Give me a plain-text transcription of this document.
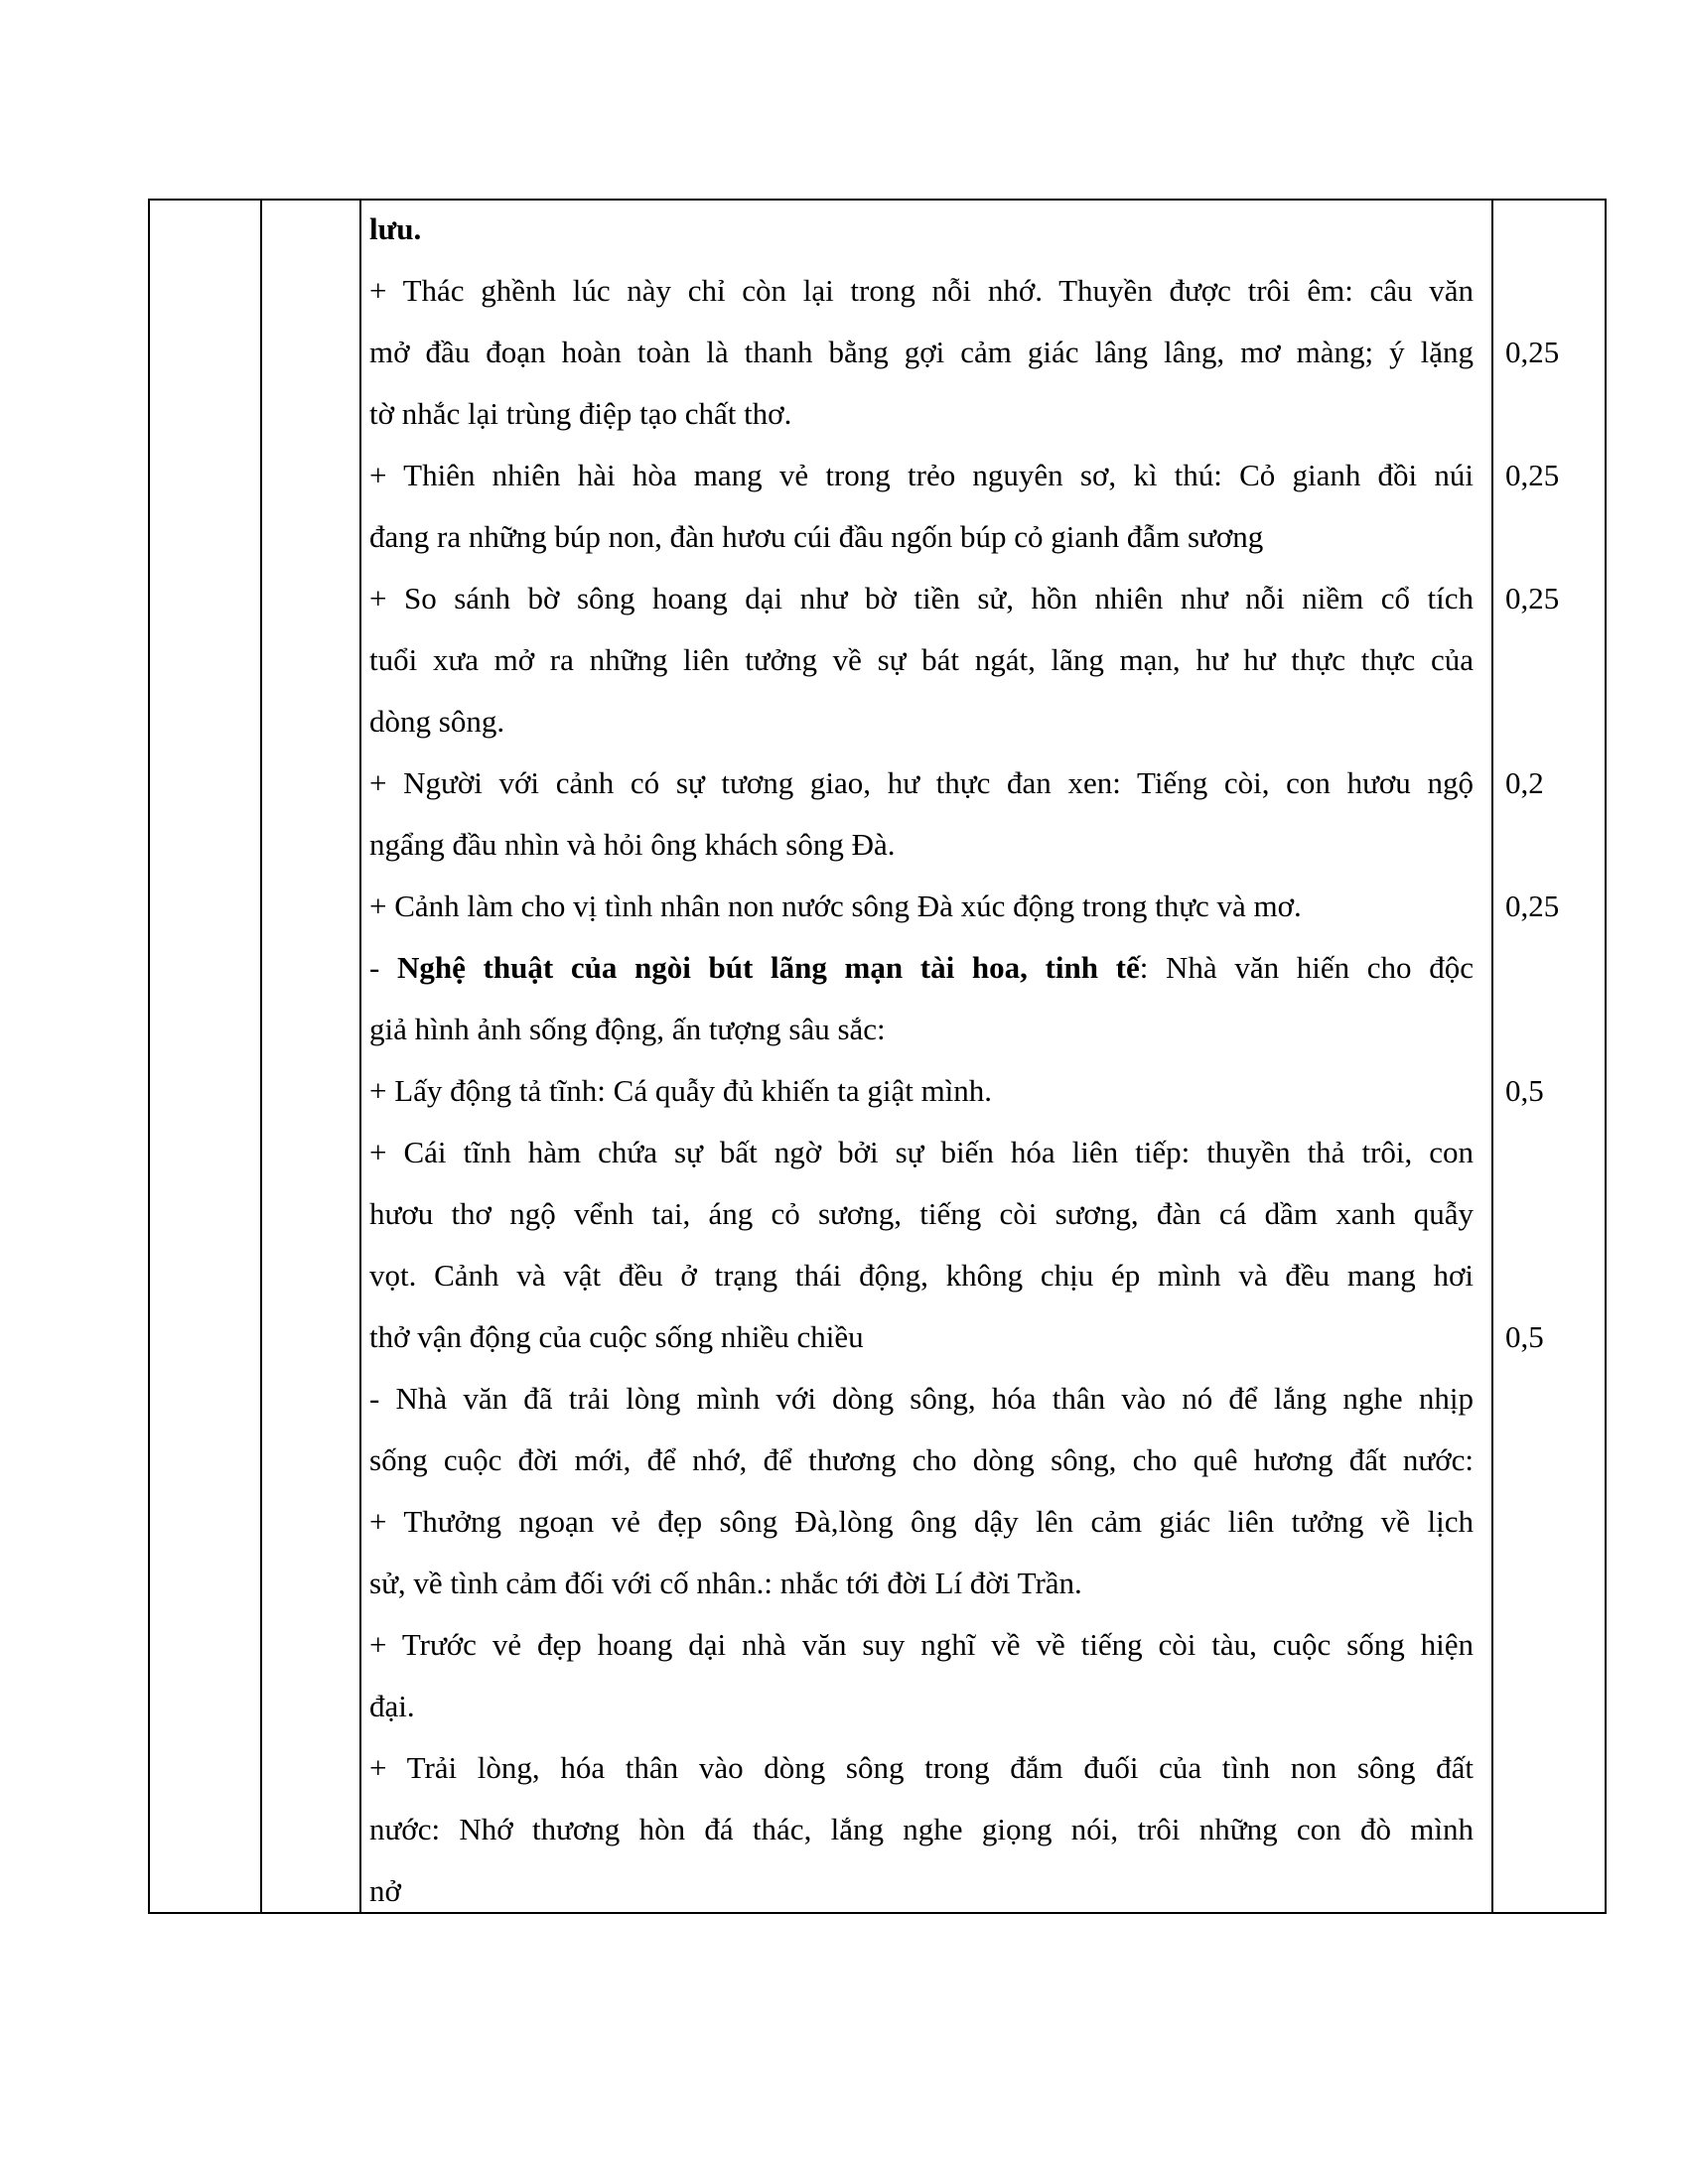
lưu.
+ Thác ghềnh lúc này chỉ còn lại trong nỗi nhớ. Thuyền được trôi êm: câu văn
mở đầu đoạn hoàn toàn là thanh bằng gợi cảm giác lâng lâng, mơ màng; ý lặng
tờ nhắc lại trùng điệp tạo chất thơ.
+ Thiên nhiên hài hòa mang vẻ trong trẻo nguyên sơ, kì thú: Cỏ gianh đồi núi
đang ra những búp non, đàn hươu cúi đầu ngốn búp cỏ gianh đẫm sương
+ So sánh bờ sông hoang dại như bờ tiền sử, hồn nhiên như nỗi niềm cổ tích
tuổi xưa mở ra những liên tưởng về sự bát ngát, lãng mạn, hư hư thực thực của
dòng sông.
+ Người với cảnh có sự tương giao, hư thực đan xen: Tiếng còi, con hươu ngộ
ngẩng đầu nhìn và hỏi ông khách sông Đà.
+ Cảnh làm cho vị tình nhân non nước sông Đà xúc động trong thực và mơ.
- Nghệ thuật của ngòi bút lãng mạn tài hoa, tinh tế: Nhà văn hiến cho độc
giả hình ảnh sống động, ấn tượng sâu sắc:
+ Lấy động tả tĩnh: Cá quẫy đủ khiến ta giật mình.
+ Cái tĩnh hàm chứa sự bất ngờ bởi sự biến hóa liên tiếp: thuyền thả trôi, con
hươu thơ ngộ vểnh tai, áng cỏ sương, tiếng còi sương, đàn cá dầm xanh quẫy
vọt. Cảnh và vật đều ở trạng thái động, không chịu ép mình và đều mang hơi
thở vận động của cuộc sống nhiều chiều
- Nhà văn đã trải lòng mình với dòng sông, hóa thân vào nó để lắng nghe nhịp
sống cuộc đời mới, để nhớ, để thương cho dòng sông, cho quê hương đất nước:
+ Thưởng ngoạn vẻ đẹp sông Đà,lòng ông dậy lên cảm giác liên tưởng về lịch
sử, về tình cảm đối với cố nhân.: nhắc tới đời Lí đời Trần.
+ Trước vẻ đẹp hoang dại nhà văn suy nghĩ về về tiếng còi tàu, cuộc sống hiện
đại.
+ Trải lòng, hóa thân vào dòng sông trong đắm đuối của tình non sông đất
nước: Nhớ thương hòn đá thác, lắng nghe giọng nói, trôi những con đò mình
nở
0,25
0,25
0,25
0,2
0,25
0,5
0,5
